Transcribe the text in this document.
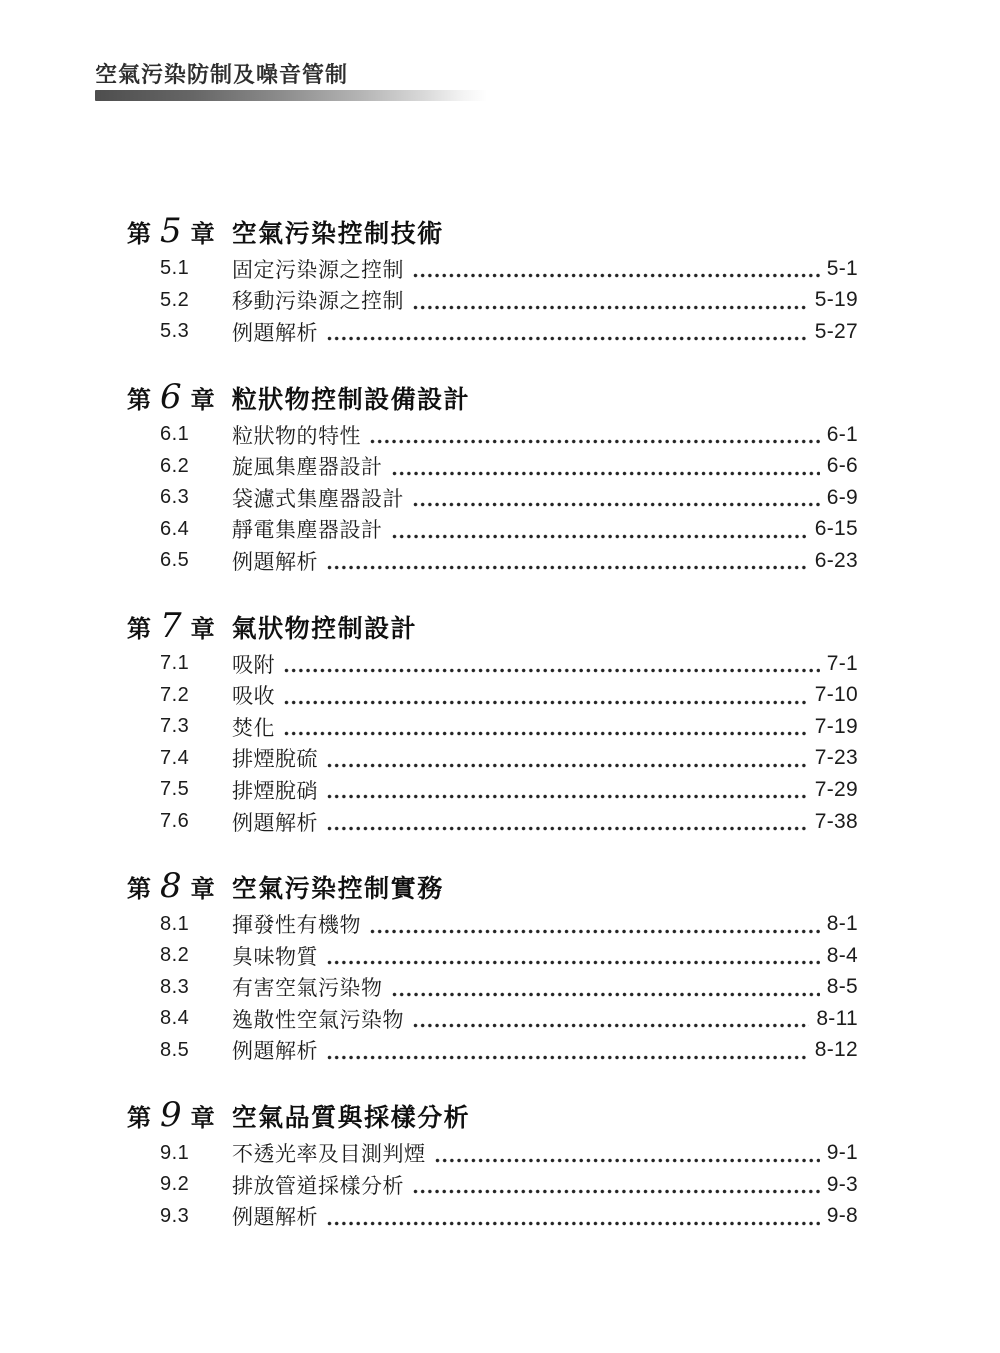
空氣污染防制及噪音管制
第 5 章 空氣污染控制技術
5.1	固定污染源之控制	5-1
5.2	移動污染源之控制	5-19
5.3	例題解析	5-27
第 6 章 粒狀物控制設備設計
6.1	粒狀物的特性	6-1
6.2	旋風集塵器設計	6-6
6.3	袋濾式集塵器設計	6-9
6.4	靜電集塵器設計	6-15
6.5	例題解析	6-23
第 7 章 氣狀物控制設計
7.1	吸附	7-1
7.2	吸收	7-10
7.3	焚化	7-19
7.4	排煙脫硫	7-23
7.5	排煙脫硝	7-29
7.6	例題解析	7-38
第 8 章 空氣污染控制實務
8.1	揮發性有機物	8-1
8.2	臭味物質	8-4
8.3	有害空氣污染物	8-5
8.4	逸散性空氣污染物	8-11
8.5	例題解析	8-12
第 9 章 空氣品質與採樣分析
9.1	不透光率及目測判煙	9-1
9.2	排放管道採樣分析	9-3
9.3	例題解析	9-8
